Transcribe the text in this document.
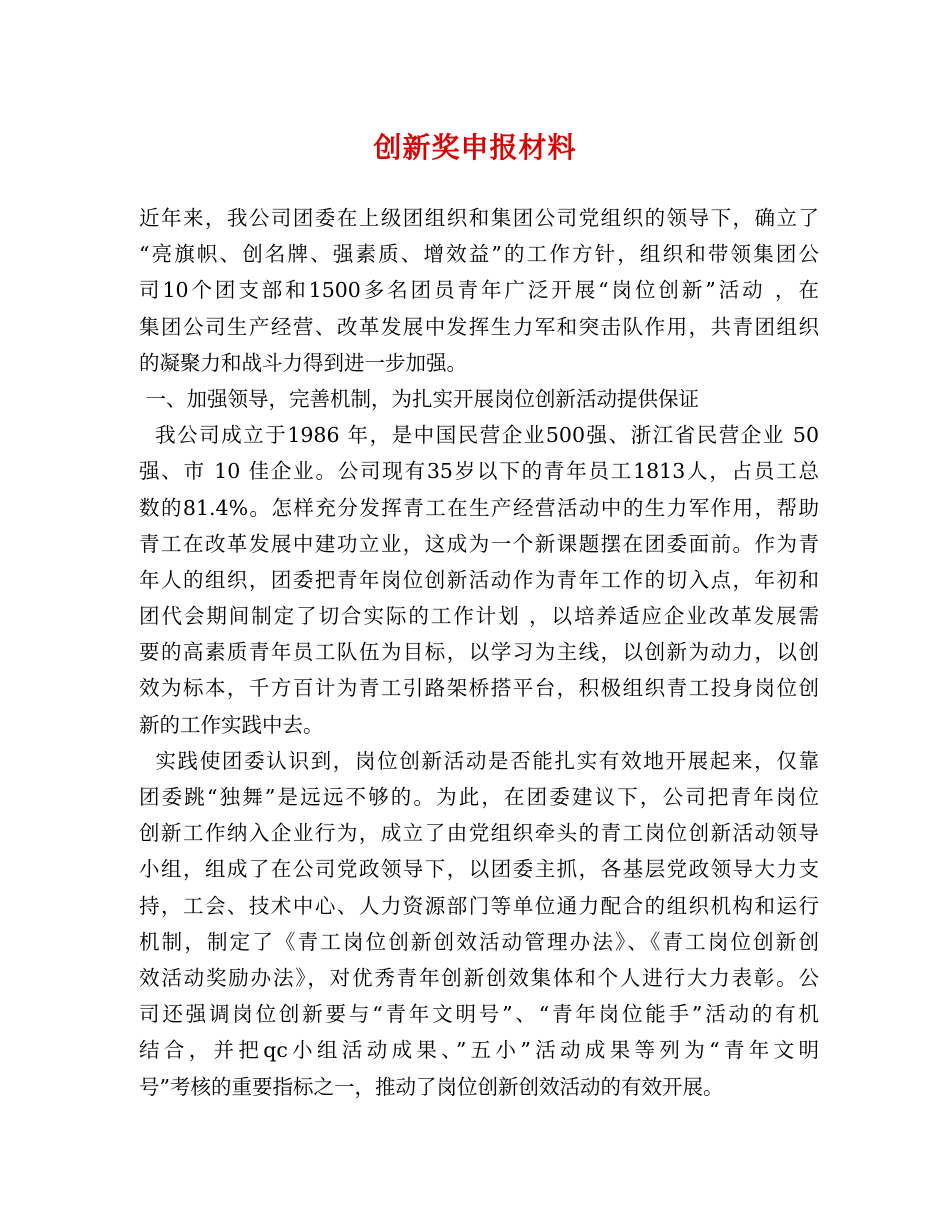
创新奖申报材料
近年来，我公司团委在上级团组织和集团公司党组织的领导下，确立了
“亮旗帜、创名牌、强素质、增效益”的工作方针，组织和带领集团公
司10个团支部和1500多名团员青年广泛开展“岗位创新”活动 ，在
集团公司生产经营、改革发展中发挥生力军和突击队作用，共青团组织
的凝聚力和战斗力得到进一步加强。
一、加强领导，完善机制，为扎实开展岗位创新活动提供保证
我公司成立于1986 年，是中国民营企业500强、浙江省民营企业 50
强、市 10 佳企业。公司现有35岁以下的青年员工1813人，占员工总
数的81.4%。怎样充分发挥青工在生产经营活动中的生力军作用，帮助
青工在改革发展中建功立业，这成为一个新课题摆在团委面前。作为青
年人的组织，团委把青年岗位创新活动作为青年工作的切入点，年初和
团代会期间制定了切合实际的工作计划 ，以培养适应企业改革发展需
要的高素质青年员工队伍为目标，以学习为主线，以创新为动力，以创
效为标本，千方百计为青工引路架桥搭平台，积极组织青工投身岗位创
新的工作实践中去。
实践使团委认识到，岗位创新活动是否能扎实有效地开展起来，仅靠
团委跳“独舞”是远远不够的。为此，在团委建议下，公司把青年岗位
创新工作纳入企业行为，成立了由党组织牵头的青工岗位创新活动领导
小组，组成了在公司党政领导下，以团委主抓，各基层党政领导大力支
持，工会、技术中心、人力资源部门等单位通力配合的组织机构和运行
机制，制定了《青工岗位创新创效活动管理办法》、《青工岗位创新创
效活动奖励办法》，对优秀青年创新创效集体和个人进行大力表彰。公
司还强调岗位创新要与“青年文明号”、“青年岗位能手”活动的有机
结合，并把qc小组活动成果、”五小”活动成果等列为“青年文明
号”考核的重要指标之一，推动了岗位创新创效活动的有效开展。
